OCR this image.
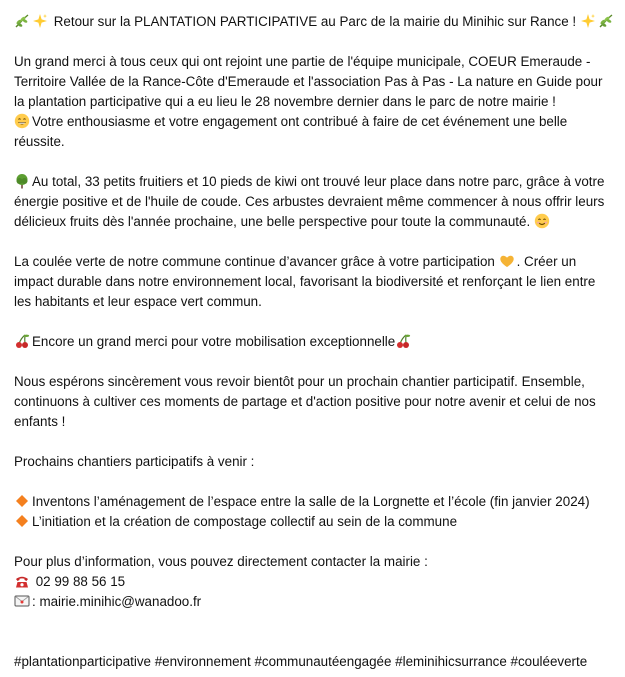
Retour sur la PLANTATION PARTICIPATIVE au Parc de la mairie du Minihic sur Rance !

Un grand merci à tous ceux qui ont rejoint une partie de l'équipe municipale, COEUR Emeraude - Territoire Vallée de la Rance-Côte d'Emeraude et l'association Pas à Pas - La nature en Guide pour la plantation participative qui a eu lieu le 28 novembre dernier dans le parc de notre mairie !

Votre enthousiasme et votre engagement ont contribué à faire de cet événement une belle réussite.

Au total, 33 petits fruitiers et 10 pieds de kiwi ont trouvé leur place dans notre parc, grâce à votre énergie positive et de l'huile de coude. Ces arbustes devraient même commencer à nous offrir leurs délicieux fruits dès l'année prochaine, une belle perspective pour toute la communauté.

La coulée verte de notre commune continue d’avancer grâce à votre participation . Créer un impact durable dans notre environnement local, favorisant la biodiversité et renforçant le lien entre les habitants et leur espace vert commun.

Encore un grand merci pour votre mobilisation exceptionnelle

Nous espérons sincèrement vous revoir bientôt pour un prochain chantier participatif. Ensemble, continuons à cultiver ces moments de partage et d'action positive pour notre avenir et celui de nos enfants !

Prochains chantiers participatifs à venir :
Inventons l’aménagement de l’espace entre la salle de la Lorgnette et l’école (fin janvier 2024)
L’initiation et la création de compostage collectif au sein de la commune
Pour plus d’information, vous pouvez directement contacter la mairie :
02 99 88 56 15
: mairie.minihic@wanadoo.fr
#plantationparticipative #environnement #communautéengagée #leminihicsurrance #couléeverte
